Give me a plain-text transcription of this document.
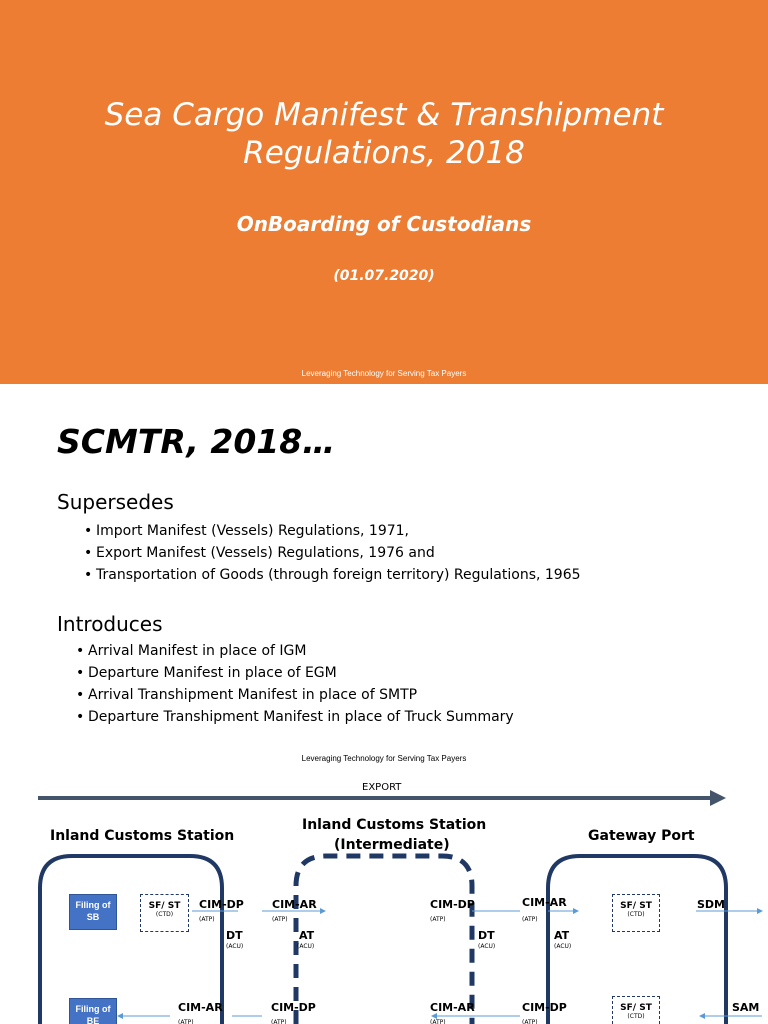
Sea Cargo Manifest & Transhipment
Regulations, 2018
OnBoarding of Custodians
(01.07.2020)
Leveraging Technology for Serving Tax Payers
SCMTR, 2018…
Supersedes
• Import Manifest (Vessels) Regulations, 1971,
• Export Manifest (Vessels) Regulations, 1976 and
• Transportation of Goods (through foreign territory) Regulations, 1965
Introduces
• Arrival Manifest in place of IGM
• Departure Manifest in place of EGM
• Arrival Transhipment Manifest in place of SMTP
• Departure Transhipment Manifest in place of Truck Summary
Leveraging Technology for Serving Tax Payers
EXPORT
Inland Customs Station
Inland Customs Station
(Intermediate)
Gateway Port
Filing of
SB
Filing of
BE
SF/ ST
(CTD)
SF/ ST
(CTD)
SF/ ST
(CTD)
CIM-DP
(ATP)
DT
(ACU)
CIM-AR
(ATP)
AT
(ACU)
CIM-DP
(ATP)
DT
(ACU)
CIM-AR
(ATP)
AT
(ACU)
SDM
CIM-AR
(ATP)
CIM-DP
(ATP)
CIM-AR
(ATP)
CIM-DP
(ATP)
SAM
